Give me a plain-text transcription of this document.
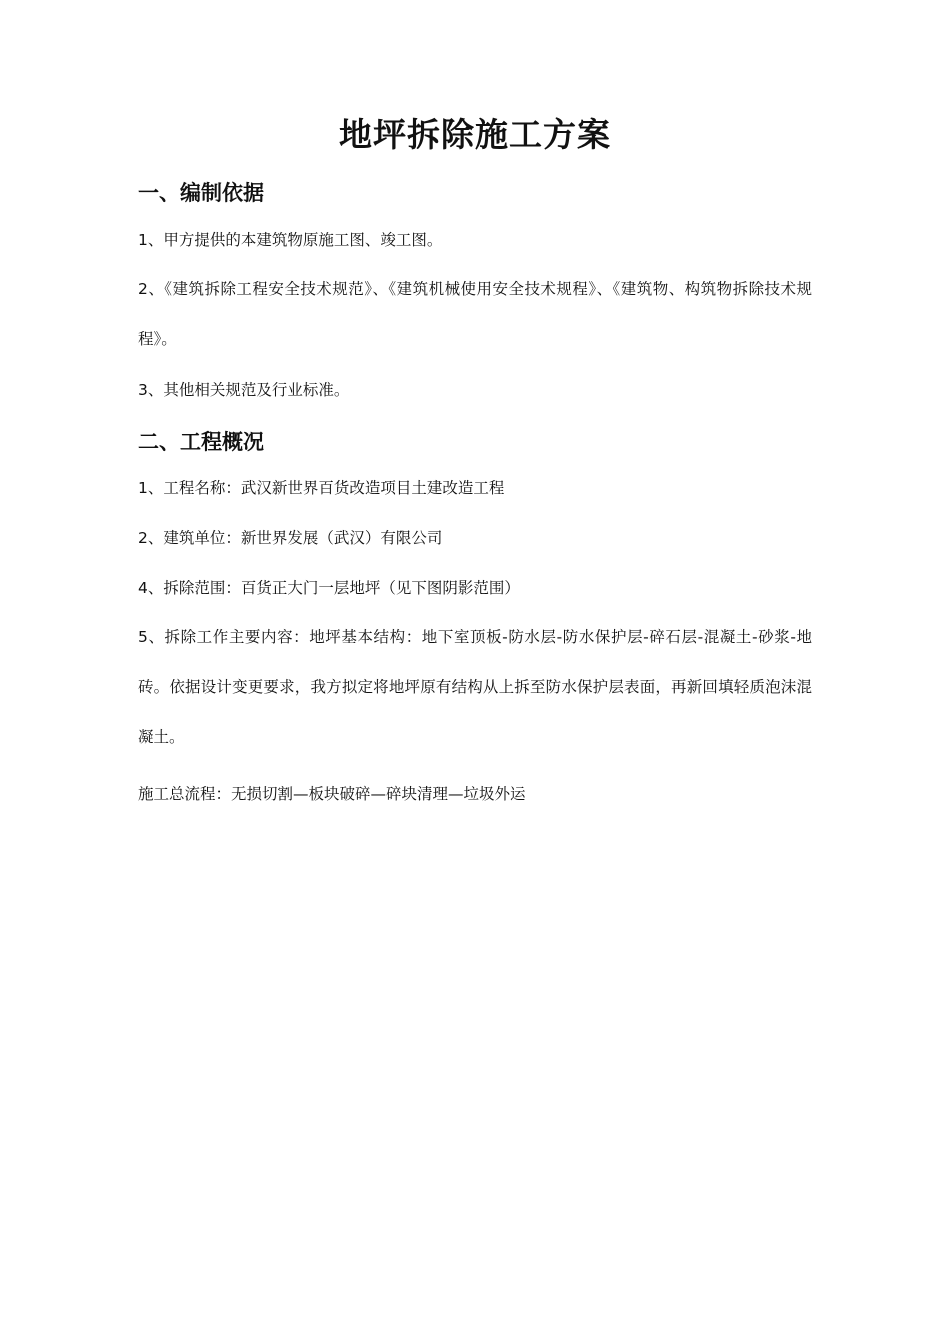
地坪拆除施工方案
一、编制依据

1、甲方提供的本建筑物原施工图、竣工图。

2、《建筑拆除工程安全技术规范》、《建筑机械使用安全技术规程》、《建筑物、构筑物拆除技术规程》。

3、其他相关规范及行业标准。

二、工程概况

1、工程名称：武汉新世界百货改造项目土建改造工程

2、建筑单位：新世界发展（武汉）有限公司

4、拆除范围：百货正大门一层地坪（见下图阴影范围）

5、拆除工作主要内容：地坪基本结构：地下室顶板-防水层-防水保护层-碎石层-混凝土-砂浆-地砖。依据设计变更要求，我方拟定将地坪原有结构从上拆至防水保护层表面，再新回填轻质泡沫混凝土。

施工总流程：无损切割—板块破碎—碎块清理—垃圾外运
